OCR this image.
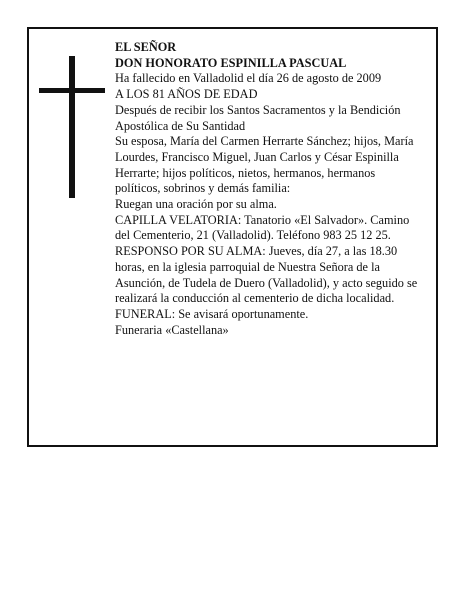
EL SEÑOR

DON HONORATO ESPINILLA PASCUAL

Ha fallecido en Valladolid el día 26 de agosto de 2009

A LOS 81 AÑOS DE EDAD

Después de recibir los Santos Sacramentos y la Bendición Apostólica de Su Santidad

Su esposa, María del Carmen Herrarte Sánchez; hijos, María Lourdes, Francisco Miguel, Juan Carlos y César Espinilla Herrarte; hijos políticos, nietos, hermanos, hermanos políticos, sobrinos y demás familia:

Ruegan una oración por su alma.

CAPILLA VELATORIA: Tanatorio «El Salvador». Camino del Cementerio, 21 (Valladolid). Teléfono 983 25 12 25.

RESPONSO POR SU ALMA: Jueves, día 27, a las 18.30 horas, en la iglesia parroquial de Nuestra Señora de la Asunción, de Tudela de Duero (Valladolid), y acto seguido se realizará la conducción al cementerio de dicha localidad.

FUNERAL: Se avisará oportunamente.

Funeraria «Castellana»
